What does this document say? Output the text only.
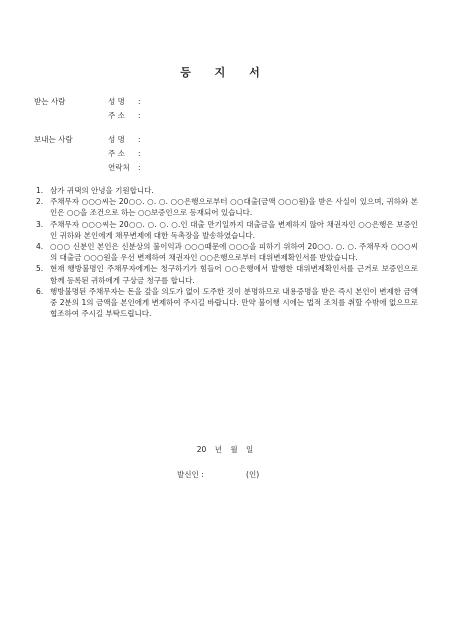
등 지 서
받는 사람	성 명 :
주 소 :
보내는 사람	성 명 :
주 소 :
연락처 :
1. 삼가 귀댁의 안녕을 기원합니다.
2. 주채무자 ○○○씨는 20○○. ○. ○. ○○은행으로부터 ○○대출(금액 ○○○원)을 받은 사실이 있으며, 귀하와 본인은 ○○을 조건으로 하는 ○○보증인으로 등재되어 있습니다.
3. 주채무자 ○○○씨는 20○○. ○. ○. ○.인 대출 만기일까지 대출금을 변제하지 않아 채권자인 ○○은행은 보증인인 귀하와 본인에게 채무변제에 대한 독촉장을 발송하였습니다.
4. ○○○ 신분인 본인은 신분상의 불이익과 ○○○때문에 ○○○을 피하기 위하여 20○○. ○. ○. 주채무자 ○○○씨의 대출금 ○○○원을 우선 변제하여 채권자인 ○○은행으로부터 대위변제확인서를 받았습니다.
5. 현재 행방불명인 주채무자에게는 청구하기가 힘들어 ○○은행에서 발행한 대위변제확인서를 근거로 보증인으로 함께 등록된 귀하에게 구상금 청구를 합니다.
6. 행방불명된 주채무자는 돈을 갚을 의도가 없이 도주한 것이 분명하므로 내용증명을 받은 즉시 본인이 변제한 금액 중 2분의 1의 금액을 본인에게 변제하여 주시길 바랍니다. 만약 불이행 시에는 법적 조치를 취할 수밖에 없으므로 협조하여 주시길 부탁드립니다.
20 년 월 일
발신인 :	(인)
